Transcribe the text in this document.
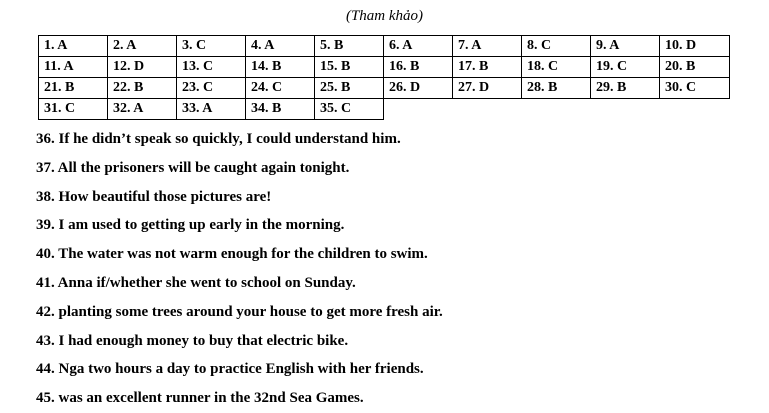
(Tham khảo)
1. A	2. A	3. C	4. A	5. B	6. A	7. A	8. C	9. A	10. D
11. A	12. D	13. C	14. B	15. B	16. B	17. B	18. C	19. C	20. B
21. B	22. B	23. C	24. C	25. B	26. D	27. D	28. B	29. B	30. C
31. C	32. A	33. A	34. B	35. C					
36. If he didn’t speak so quickly, I could understand him.
37. All the prisoners will be caught again tonight.
38. How beautiful those pictures are!
39. I am used to getting up early in the morning.
40. The water was not warm enough for the children to swim.
41. Anna if/whether she went to school on Sunday.
42. planting some trees around your house to get more fresh air.
43. I had enough money to buy that electric bike.
44. Nga two hours a day to practice English with her friends.
45. was an excellent runner in the 32nd Sea Games.
